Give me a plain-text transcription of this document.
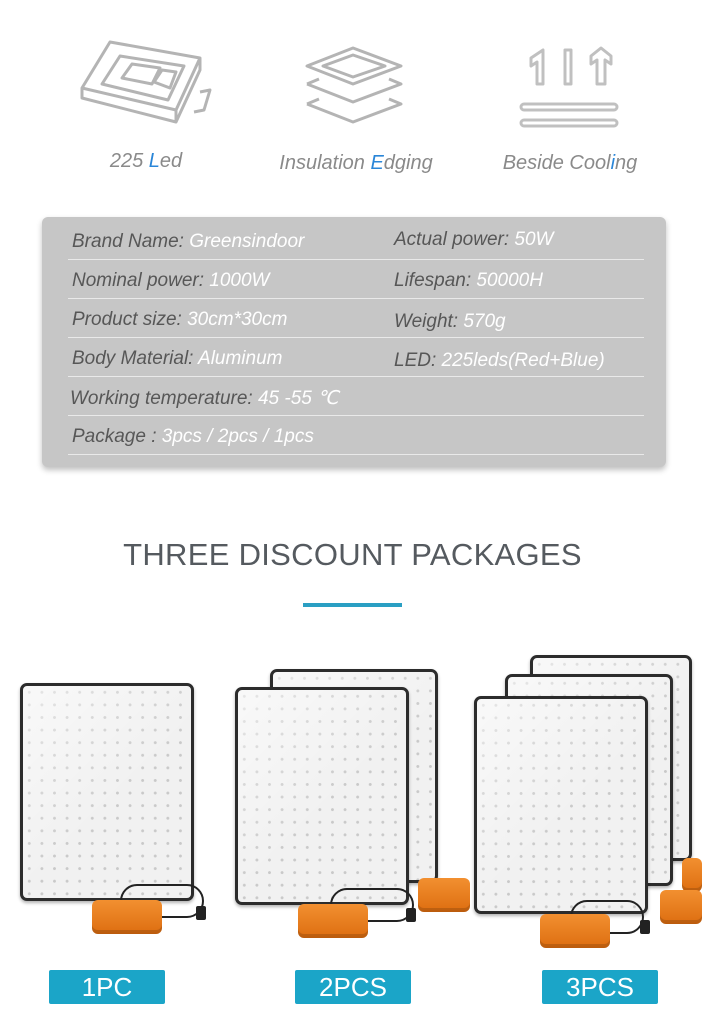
225 Led	Insulation Edging	Beside Cooling
Brand Name: Greensindoor	Actual power: 50W
Nominal power: 1000W	Lifespan: 50000H
Product size: 30cm*30cm	Weight: 570g
Body Material: Aluminum	LED: 225leds(Red+Blue)
Working temperature: 45 -55 ℃
Package : 3pcs / 2pcs / 1pcs
THREE DISCOUNT PACKAGES
1PC	2PCS	3PCS
